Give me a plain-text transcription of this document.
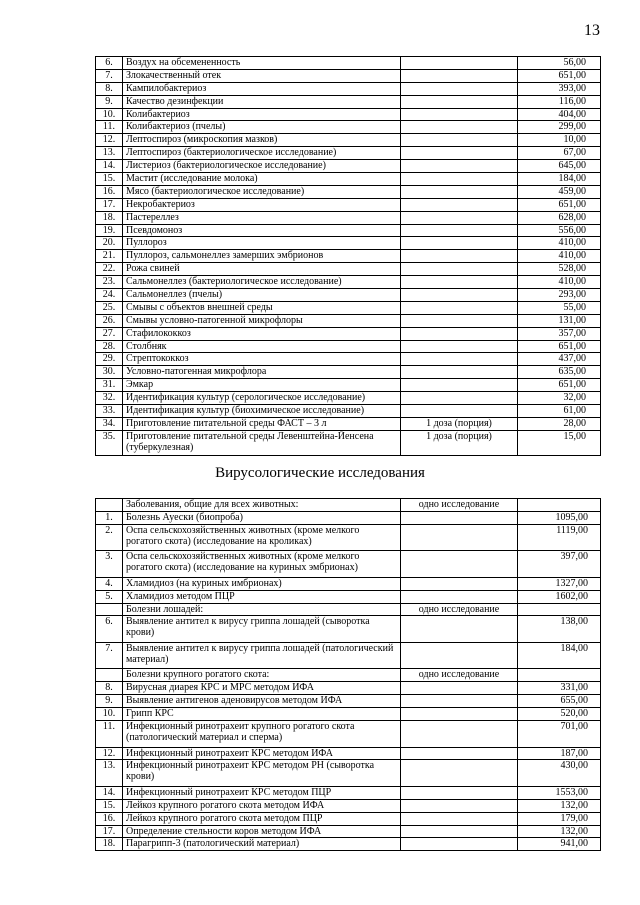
13
6.	Воздух на обсемененность		56,00
7.	Злокачественный отек		651,00
8.	Кампилобактериоз		393,00
9.	Качество дезинфекции		116,00
10.	Колибактериоз		404,00
11.	Колибактериоз (пчелы)		299,00
12.	Лептоспироз (микроскопия мазков)		10,00
13.	Лептоспироз (бактериологическое исследование)		67,00
14.	Листериоз (бактериологическое исследование)		645,00
15.	Мастит (исследование молока)		184,00
16.	Мясо (бактериологическое исследование)		459,00
17.	Некробактериоз		651,00
18.	Пастереллез		628,00
19.	Псевдомоноз		556,00
20.	Пуллороз		410,00
21.	Пуллороз, сальмонеллез замерших эмбрионов		410,00
22.	Рожа свиней		528,00
23.	Сальмонеллез (бактериологическое исследование)		410,00
24.	Сальмонеллез (пчелы)		293,00
25.	Смывы с объектов внешней среды		55,00
26.	Смывы условно-патогенной микрофлоры		131,00
27.	Стафилококкоз		357,00
28.	Столбняк		651,00
29.	Стрептококкоз		437,00
30.	Условно-патогенная микрофлора		635,00
31.	Эмкар		651,00
32.	Идентификация культур (серологическое исследование)		32,00
33.	Идентификация культур (биохимическое исследование)		61,00
34.	Приготовление питательной среды ФАСТ – 3 л	1 доза (порция)	28,00
35.	Приготовление питательной среды Левенштейна-Йенсена (туберкулезная)	1 доза (порция)	15,00
Вирусологические исследования
	Заболевания, общие для всех животных:	одно исследование	
1.	Болезнь Ауески (биопроба)		1095,00
2.	Оспа сельскохозяйственных животных (кроме мелкого рогатого скота) (исследование на кроликах)		1119,00
3.	Оспа сельскохозяйственных животных (кроме мелкого рогатого скота) (исследование на куриных эмбрионах)		397,00
4.	Хламидиоз (на куриных имбрионах)		1327,00
5.	Хламидиоз методом ПЦР		1602,00
	Болезни лошадей:	одно исследование	
6.	Выявление антител к вирусу гриппа лошадей (сыворотка крови)		138,00
7.	Выявление антител к вирусу гриппа лошадей (патологический материал)		184,00
	Болезни крупного рогатого скота:	одно исследование	
8.	Вирусная диарея КРС и МРС методом ИФА		331,00
9.	Выявление антигенов аденовирусов методом ИФА		655,00
10.	Грипп КРС		520,00
11.	Инфекционный ринотрахеит крупного рогатого скота (патологический материал и сперма)		701,00
12.	Инфекционный ринотрахеит КРС методом ИФА		187,00
13.	Инфекционный ринотрахеит КРС методом РН (сыворотка крови)		430,00
14.	Инфекционный ринотрахеит КРС методом ПЦР		1553,00
15.	Лейкоз крупного рогатого скота методом ИФА		132,00
16.	Лейкоз крупного рогатого скота методом ПЦР		179,00
17.	Определение стельности коров методом ИФА		132,00
18.	Парагрипп-3 (патологический материал)		941,00
